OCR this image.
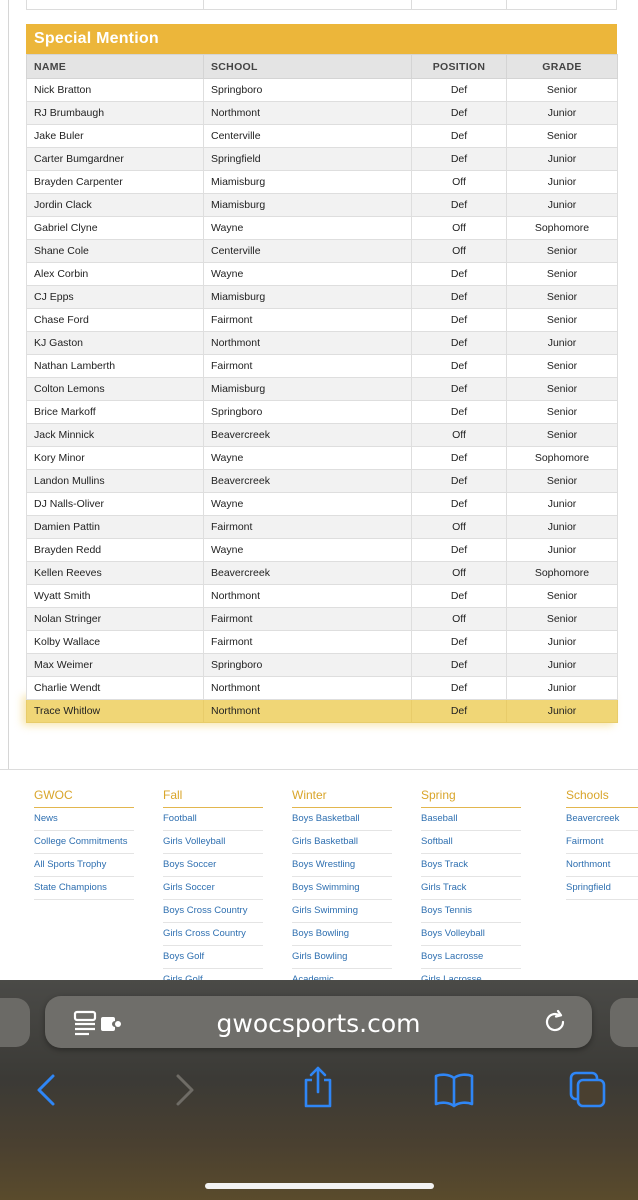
Special Mention
NAME	SCHOOL	POSITION	GRADE
Nick Bratton	Springboro	Def	Senior
RJ Brumbaugh	Northmont	Def	Junior
Jake Buler	Centerville	Def	Senior
Carter Bumgardner	Springfield	Def	Junior
Brayden Carpenter	Miamisburg	Off	Junior
Jordin Clack	Miamisburg	Def	Junior
Gabriel Clyne	Wayne	Off	Sophomore
Shane Cole	Centerville	Off	Senior
Alex Corbin	Wayne	Def	Senior
CJ Epps	Miamisburg	Def	Senior
Chase Ford	Fairmont	Def	Senior
KJ Gaston	Northmont	Def	Junior
Nathan Lamberth	Fairmont	Def	Senior
Colton Lemons	Miamisburg	Def	Senior
Brice Markoff	Springboro	Def	Senior
Jack Minnick	Beavercreek	Off	Senior
Kory Minor	Wayne	Def	Sophomore
Landon Mullins	Beavercreek	Def	Senior
DJ Nalls-Oliver	Wayne	Def	Junior
Damien Pattin	Fairmont	Off	Junior
Brayden Redd	Wayne	Def	Junior
Kellen Reeves	Beavercreek	Off	Sophomore
Wyatt Smith	Northmont	Def	Senior
Nolan Stringer	Fairmont	Off	Senior
Kolby Wallace	Fairmont	Def	Junior
Max Weimer	Springboro	Def	Junior
Charlie Wendt	Northmont	Def	Junior
Trace Whitlow	Northmont	Def	Junior
GWOC
News
College Commitments
All Sports Trophy
State Champions
Fall
Football
Girls Volleyball
Boys Soccer
Girls Soccer
Boys Cross Country
Girls Cross Country
Boys Golf
Winter
Boys Basketball
Girls Basketball
Boys Wrestling
Boys Swimming
Girls Swimming
Boys Bowling
Girls Bowling
Spring
Baseball
Softball
Boys Track
Girls Track
Boys Tennis
Boys Volleyball
Boys Lacrosse
Schools
Beavercreek
Fairmont
Northmont
Springfield
gwocsports.com
